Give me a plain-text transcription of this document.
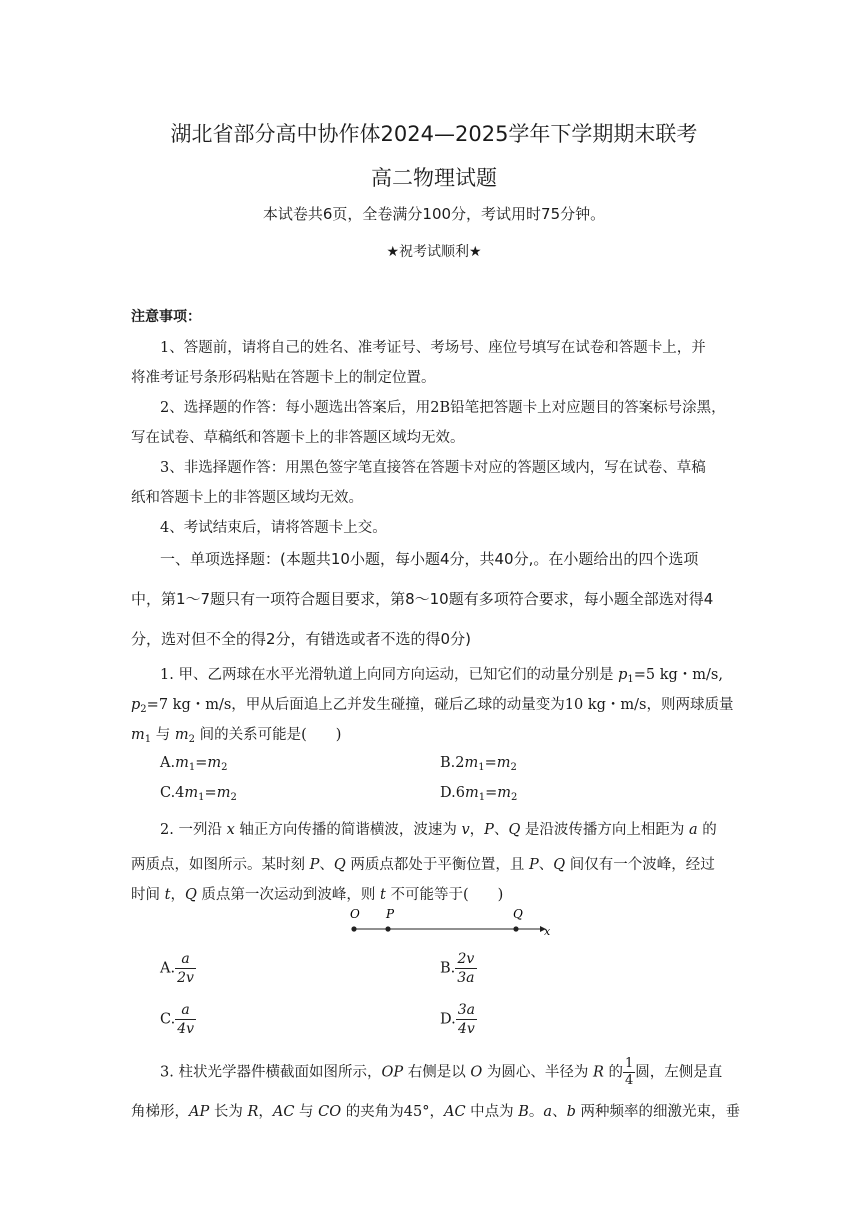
湖北省部分高中协作体2024—2025学年下学期期末联考
高二物理试题
本试卷共6页，全卷满分100分，考试用时75分钟。
★祝考试顺利★
注意事项：
1、答题前，请将自己的姓名、准考证号、考场号、座位号填写在试卷和答题卡上，并
将准考证号条形码粘贴在答题卡上的制定位置。
2、选择题的作答：每小题选出答案后，用2B铅笔把答题卡上对应题目的答案标号涂黑，
写在试卷、草稿纸和答题卡上的非答题区域均无效。
3、非选择题作答：用黑色签字笔直接答在答题卡对应的答题区域内，写在试卷、草稿
纸和答题卡上的非答题区域均无效。
4、考试结束后，请将答题卡上交。
一、单项选择题：(本题共10小题，每小题4分，共40分,。在小题给出的四个选项
中，第1～7题只有一项符合题目要求，第8～10题有多项符合要求，每小题全部选对得4
分，选对但不全的得2分，有错选或者不选的得0分)
1. 甲、乙两球在水平光滑轨道上向同方向运动，已知它们的动量分别是 $p_1=5$ kg・m/s,
$p_2=7$ kg・m/s，甲从后面追上乙并发生碰撞，碰后乙球的动量变为10 kg・m/s，则两球质量
$m_1$ 与 $m_2$ 间的关系可能是(　　)
$A.m_1=m_2$	$B.2m_1=m_2$
$C.4m_1=m_2$	$D.6m_1=m_2$
2. 一列沿 x 轴正方向传播的简谐横波，波速为 v，P、Q 是沿波传播方向上相距为 a 的
两质点，如图所示。某时刻 P、Q 两质点都处于平衡位置，且 P、Q 间仅有一个波峰，经过
时间 t，Q 质点第一次运动到波峰，则 t 不可能等于(　　)
O P	Q
x
A. $\frac{a}{2v}$	B. $\frac{2v}{3a}$
C. $\frac{a}{4v}$	D. $\frac{3a}{4v}$
3. 柱状光学器件横截面如图所示，OP 右侧是以 O 为圆心、半径为 R 的 $\frac{1}{4}$ 圆，左侧是直
角梯形，AP 长为 R，AC 与 CO 的夹角为45°，AC 中点为 B。a、b 两种频率的细激光束，垂
